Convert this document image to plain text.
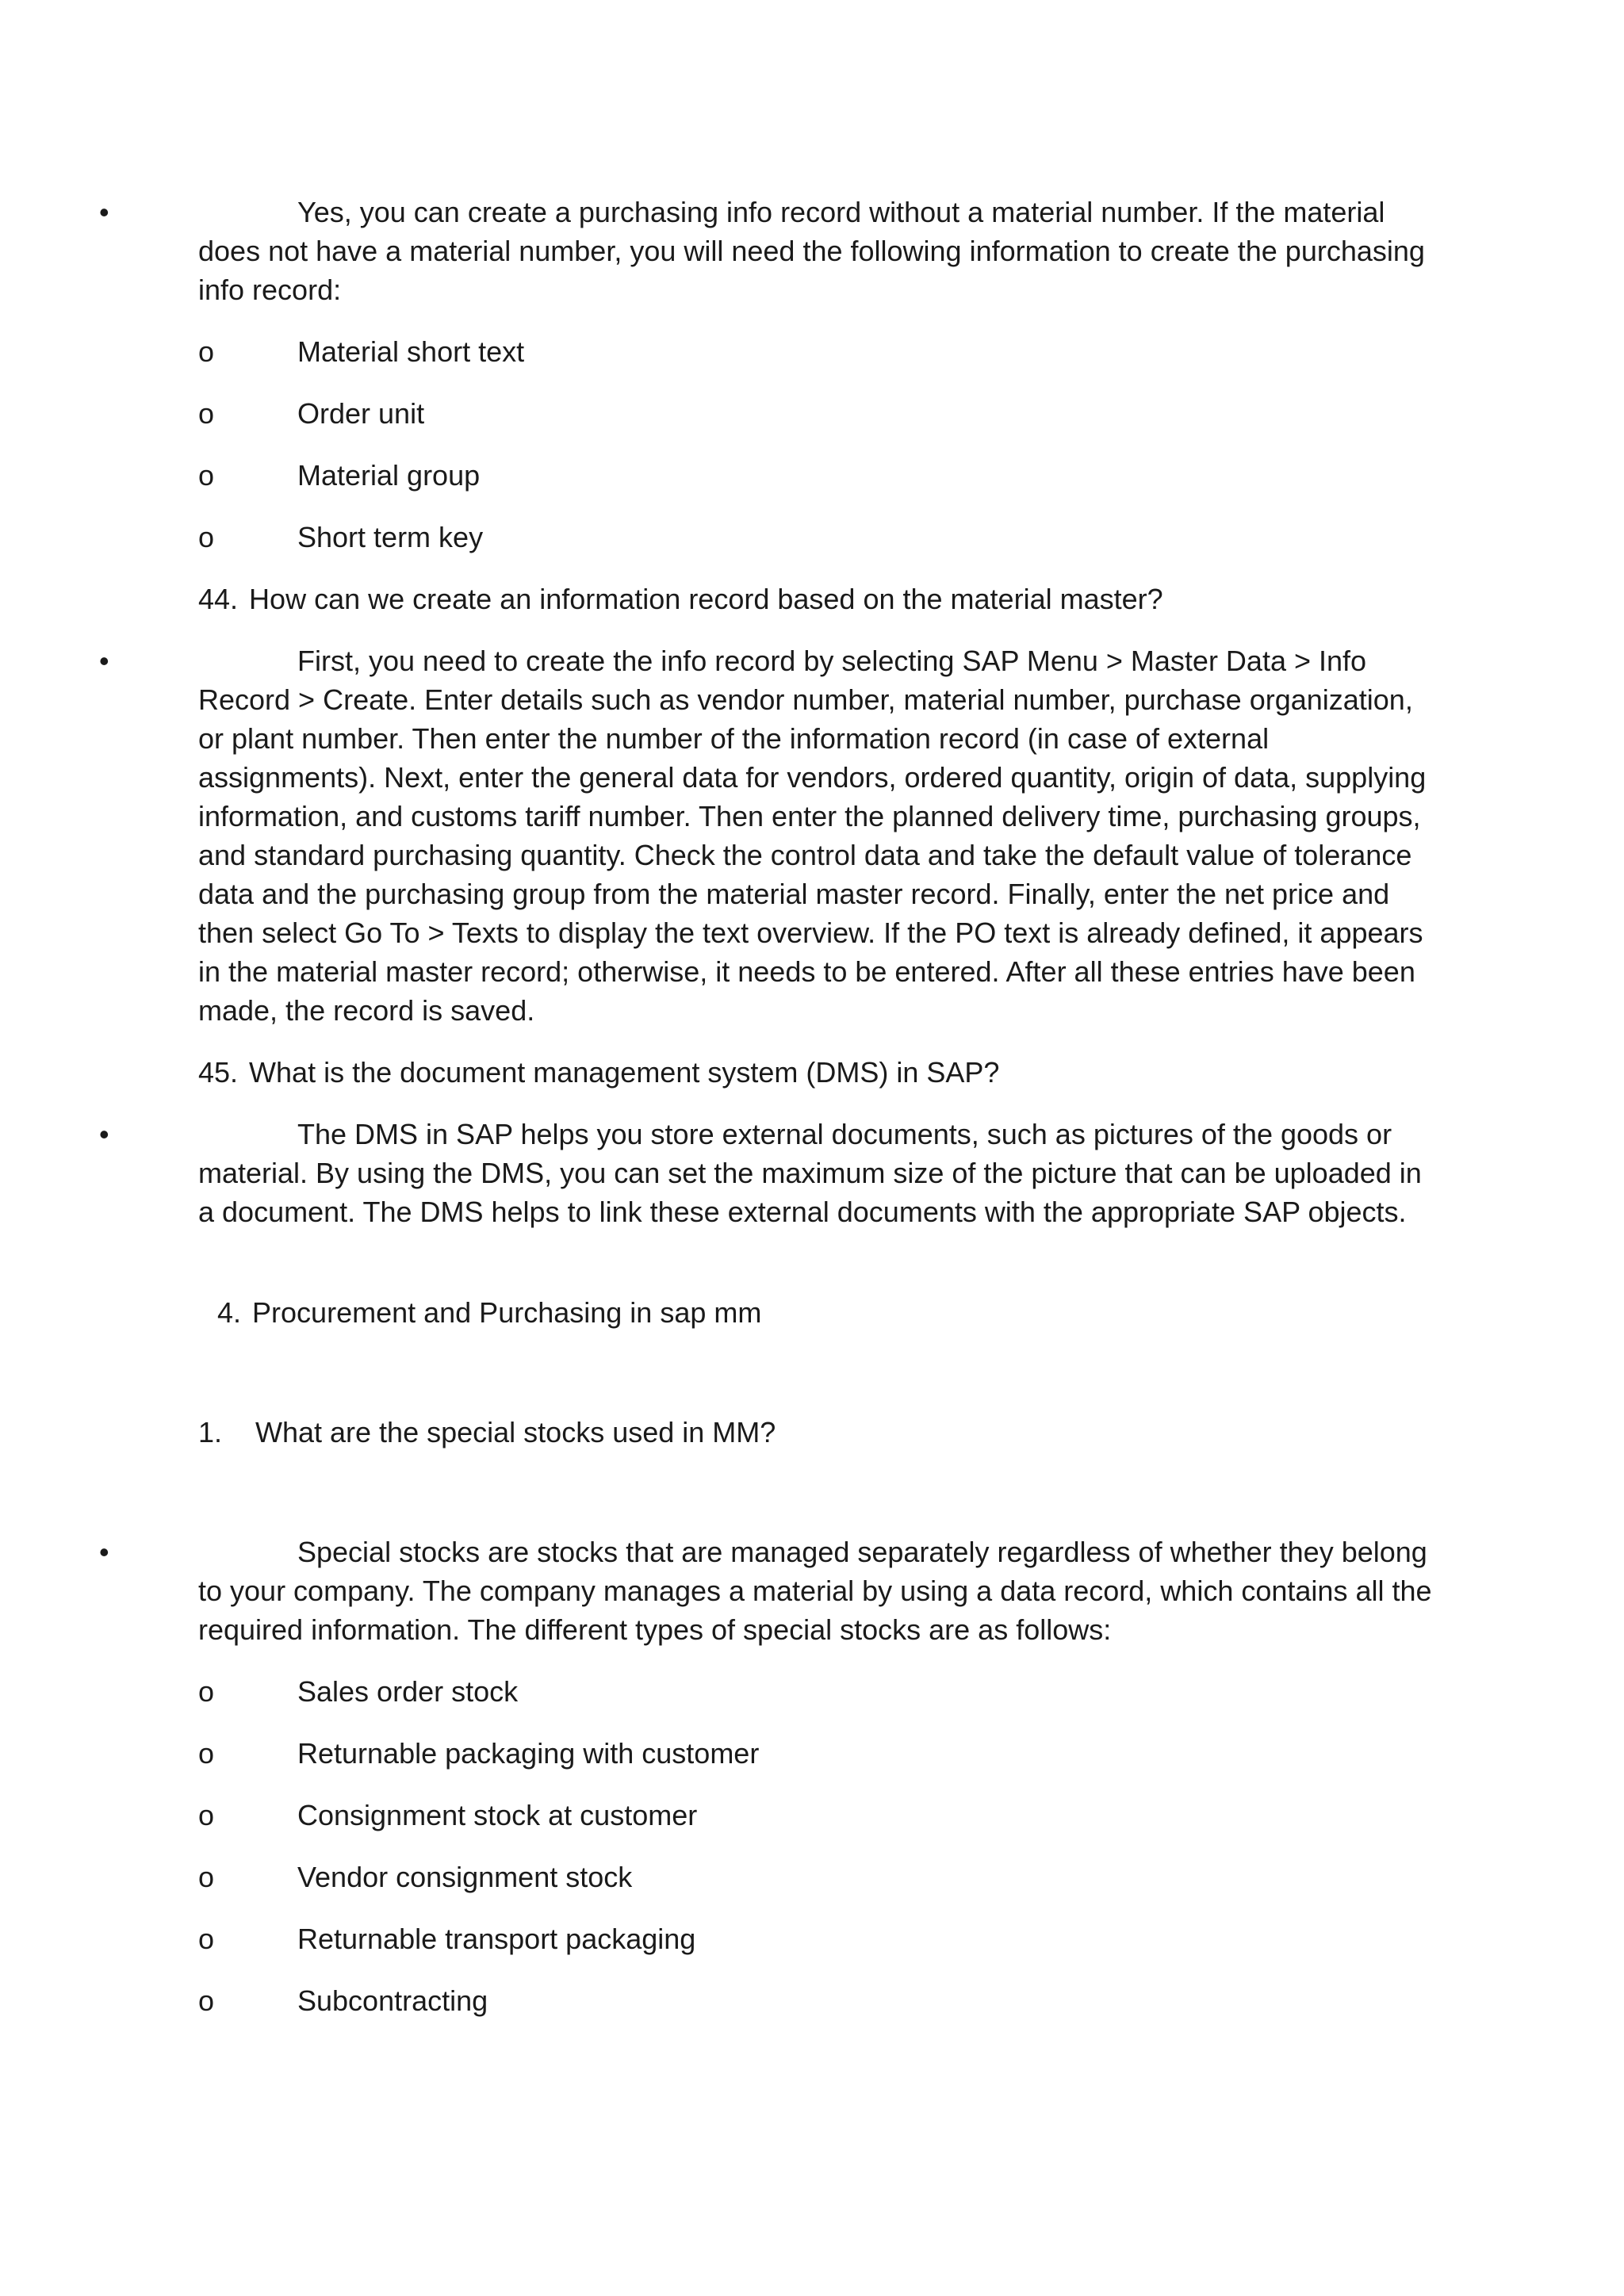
•	Yes, you can create a purchasing info record without a material number. If the material does not have a material number, you will need the following information to create the purchasing info record:

o	Material short text
o	Order unit
o	Material group
o	Short term key
44. How can we create an information record based on the material master?

•	First, you need to create the info record by selecting SAP Menu > Master Data > Info Record > Create. Enter details such as vendor number, material number, purchase organization, or plant number. Then enter the number of the information record (in case of external assignments). Next, enter the general data for vendors, ordered quantity, origin of data, supplying information, and customs tariff number. Then enter the planned delivery time, purchasing groups, and standard purchasing quantity. Check the control data and take the default value of tolerance data and the purchasing group from the material master record. Finally, enter the net price and then select Go To > Texts to display the text overview. If the PO text is already defined, it appears in the material master record; otherwise, it needs to be entered. After all these entries have been made, the record is saved.

45. What is the document management system (DMS) in SAP?

•	The DMS in SAP helps you store external documents, such as pictures of the goods or material. By using the DMS, you can set the maximum size of the picture that can be uploaded in a document. The DMS helps to link these external documents with the appropriate SAP objects.

4. Procurement and Purchasing in sap mm
1.	What are the special stocks used in MM?

•	Special stocks are stocks that are managed separately regardless of whether they belong to your company. The company manages a material by using a data record, which contains all the required information. The different types of special stocks are as follows:

o	Sales order stock
o	Returnable packaging with customer
o	Consignment stock at customer
o	Vendor consignment stock
o	Returnable transport packaging
o	Subcontracting
